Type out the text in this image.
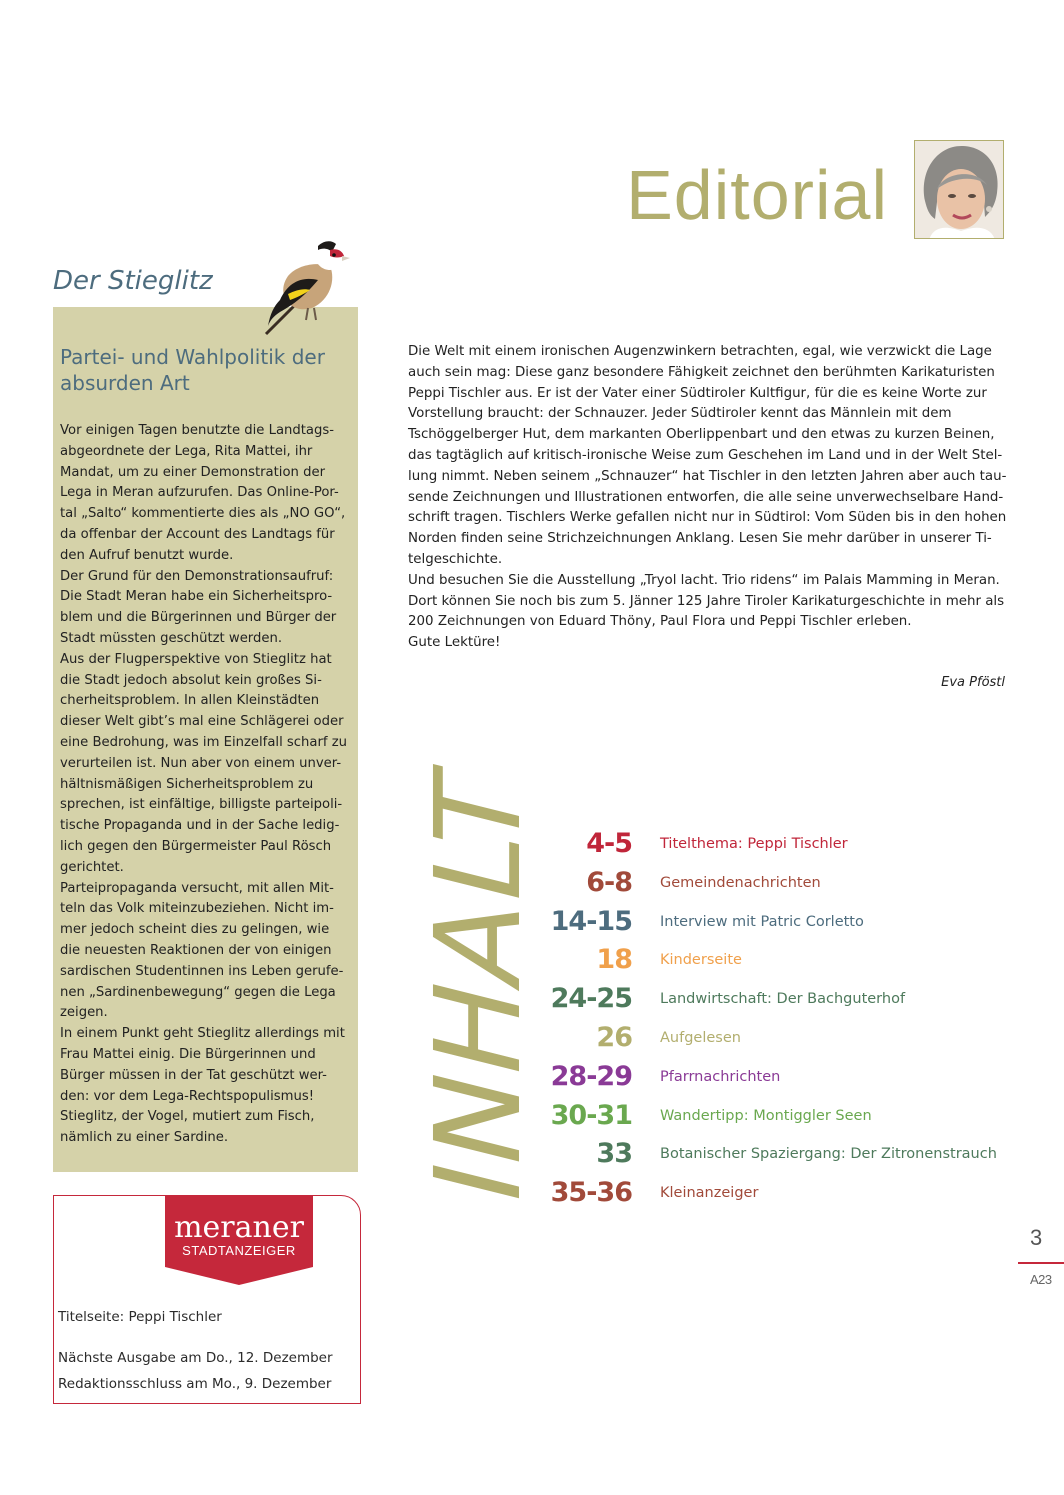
Editorial
Der Stieglitz
Partei- und Wahlpolitik der absurden Art
Vor einigen Tagen benutzte die Landtags-
abgeordnete der Lega, Rita Mattei, ihr
Mandat, um zu einer Demonstration der
Lega in Meran aufzurufen. Das Online-Por-
tal „Salto“ kommentierte dies als „NO GO“,
da offenbar der Account des Landtags für
den Aufruf benutzt wurde.
Der Grund für den Demonstrationsaufruf:
Die Stadt Meran habe ein Sicherheitspro-
blem und die Bürgerinnen und Bürger der
Stadt müssten geschützt werden.
Aus der Flugperspektive von Stieglitz hat
die Stadt jedoch absolut kein großes Si-
cherheitsproblem. In allen Kleinstädten
dieser Welt gibt’s mal eine Schlägerei oder
eine Bedrohung, was im Einzelfall scharf zu
verurteilen ist. Nun aber von einem unver-
hältnismäßigen Sicherheitsproblem zu
sprechen, ist einfältige, billigste parteipoli-
tische Propaganda und in der Sache ledig-
lich gegen den Bürgermeister Paul Rösch
gerichtet.
Parteipropaganda versucht, mit allen Mit-
teln das Volk miteinzubeziehen. Nicht im-
mer jedoch scheint dies zu gelingen, wie
die neuesten Reaktionen der von einigen
sardischen Studentinnen ins Leben gerufe-
nen „Sardinenbewegung“ gegen die Lega
zeigen.
In einem Punkt geht Stieglitz allerdings mit
Frau Mattei einig. Die Bürgerinnen und
Bürger müssen in der Tat geschützt wer-
den: vor dem Lega-Rechtspopulismus!
Stieglitz, der Vogel, mutiert zum Fisch,
nämlich zu einer Sardine.
meraner
STADTANZEIGER
Titelseite: Peppi Tischler
Nächste Ausgabe am Do., 12. Dezember
Redaktionsschluss am Mo., 9. Dezember
Die Welt mit einem ironischen Augenzwinkern betrachten, egal, wie verzwickt die Lage
auch sein mag: Diese ganz besondere Fähigkeit zeichnet den berühmten Karikaturisten
Peppi Tischler aus. Er ist der Vater einer Südtiroler Kultfigur, für die es keine Worte zur
Vorstellung braucht: der Schnauzer. Jeder Südtiroler kennt das Männlein mit dem
Tschöggelberger Hut, dem markanten Oberlippenbart und den etwas zu kurzen Beinen,
das tagtäglich auf kritisch-ironische Weise zum Geschehen im Land und in der Welt Stel-
lung nimmt. Neben seinem „Schnauzer“ hat Tischler in den letzten Jahren aber auch tau-
sende Zeichnungen und Illustrationen entworfen, die alle seine unverwechselbare Hand-
schrift tragen. Tischlers Werke gefallen nicht nur in Südtirol: Vom Süden bis in den hohen
Norden finden seine Strichzeichnungen Anklang. Lesen Sie mehr darüber in unserer Ti-
telgeschichte.
Und besuchen Sie die Ausstellung „Tryol lacht. Trio ridens“ im Palais Mamming in Meran.
Dort können Sie noch bis zum 5. Jänner 125 Jahre Tiroler Karikaturgeschichte in mehr als
200 Zeichnungen von Eduard Thöny, Paul Flora und Peppi Tischler erleben.
Gute Lektüre!
Eva Pföstl
INHALT 4-5 Titelthema: Peppi Tischler
6-8 Gemeindenachrichten
14-15 Interview mit Patric Corletto
18 Kinderseite
24-25 Landwirtschaft: Der Bachguterhof
26 Aufgelesen
28-29 Pfarrnachrichten
30-31 Wandertipp: Montiggler Seen
33 Botanischer Spaziergang: Der Zitronenstrauch
35-36 Kleinanzeiger
3
A23
